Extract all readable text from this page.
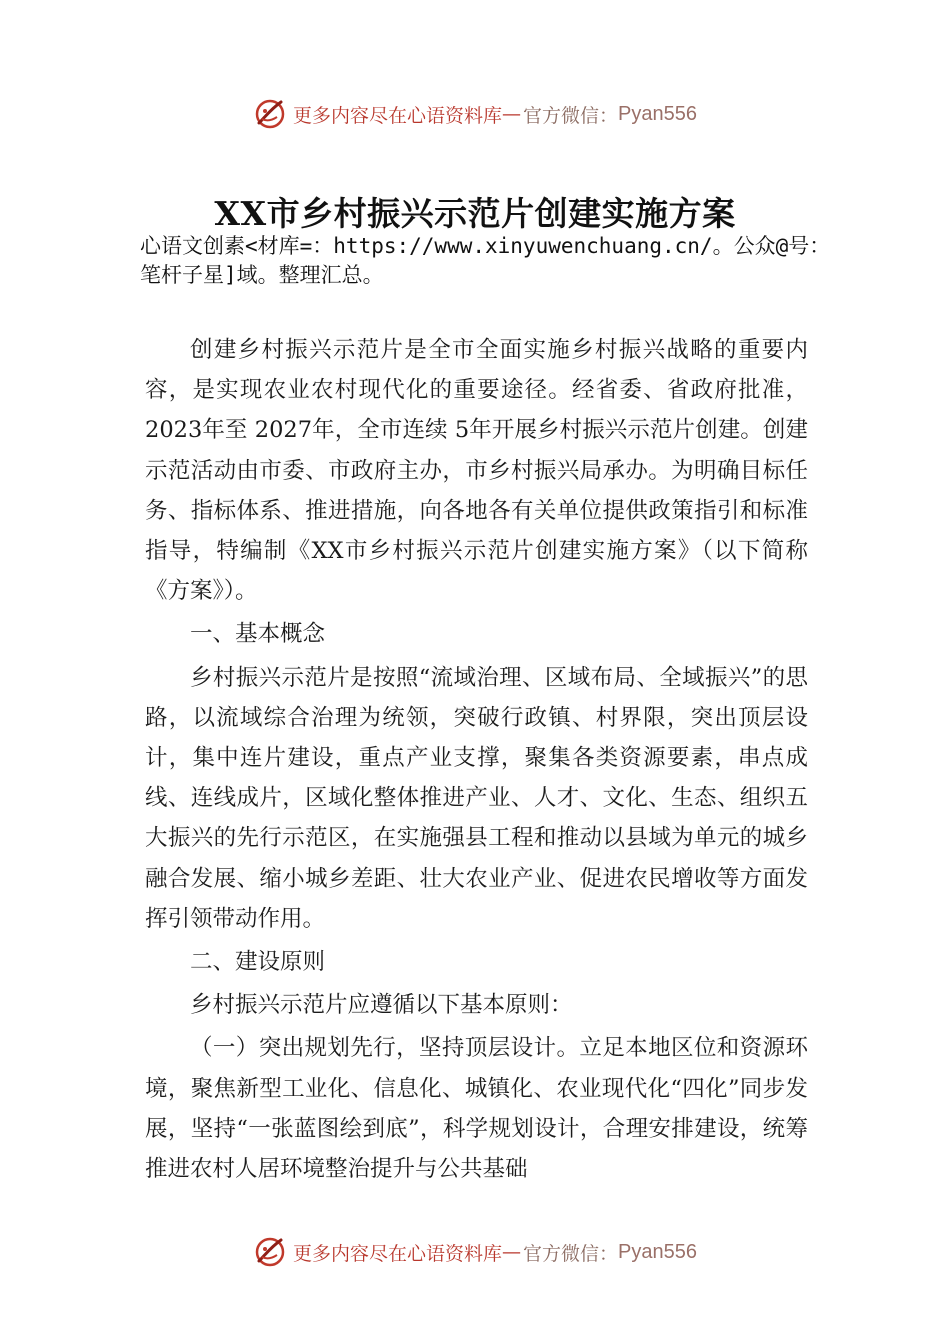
更多内容尽在心语资料库 — 官方微信： Pyan556
XX市乡村振兴示范片创建实施方案
心语文创素<材库=：https://www.xinyuwenchuang.cn/。公众@号：笔杆子星]域。整理汇总。

创建乡村振兴示范片是全市全面实施乡村振兴战略的重要内容，是实现农业农村现代化的重要途径。经省委、省政府批准，2023年至 2027年，全市连续 5年开展乡村振兴示范片创建。创建示范活动由市委、市政府主办，市乡村振兴局承办。为明确目标任务、指标体系、推进措施，向各地各有关单位提供政策指引和标准指导，特编制《XX市乡村振兴示范片创建实施方案》（以下简称《方案》）。

一、基本概念

乡村振兴示范片是按照“流域治理、区域布局、全域振兴”的思路，以流域综合治理为统领，突破行政镇、村界限，突出顶层设计，集中连片建设，重点产业支撑，聚集各类资源要素，串点成线、连线成片，区域化整体推进产业、人才、文化、生态、组织五大振兴的先行示范区，在实施强县工程和推动以县域为单元的城乡融合发展、缩小城乡差距、壮大农业产业、促进农民增收等方面发挥引领带动作用。

二、建设原则

乡村振兴示范片应遵循以下基本原则：

（一）突出规划先行，坚持顶层设计。立足本地区位和资源环境，聚焦新型工业化、信息化、城镇化、农业现代化“四化”同步发展，坚持“一张蓝图绘到底”，科学规划设计，合理安排建设，统筹推进农村人居环境整治提升与公共基础

更多内容尽在心语资料库 — 官方微信： Pyan556
